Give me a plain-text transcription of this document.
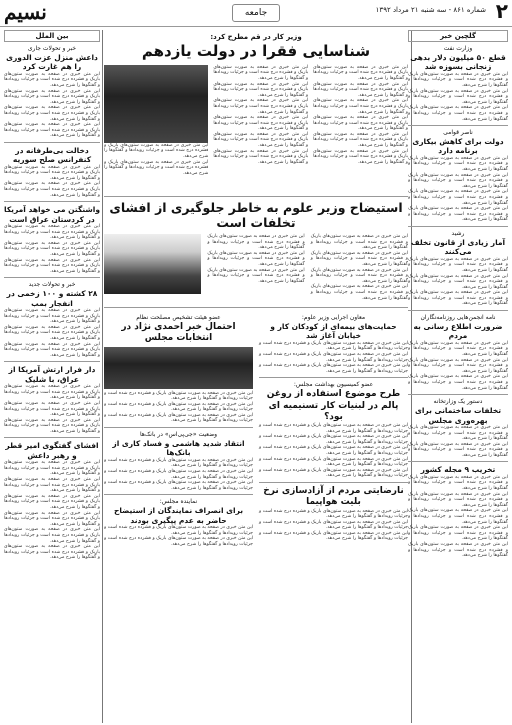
۲
شماره ۸۶۱ - سه شنبه ۲۱ مرداد ۱۳۹۲
جامعه
نسیم
گلچین خبر
وزارت نفت
قطع ۵۰ میلیون دلار بدهی زنجانی بسوزه شد
این متن خبری در صفحه به صورت ستون‌های باریک و فشرده درج شده است و جزئیات رویدادها و گفتگوها را شرح می‌دهد.
این متن خبری در صفحه به صورت ستون‌های باریک و فشرده درج شده است و جزئیات رویدادها و گفتگوها را شرح می‌دهد.
این متن خبری در صفحه به صورت ستون‌های باریک و فشرده درج شده است و جزئیات رویدادها و گفتگوها را شرح می‌دهد.
ناصر قوامی
دولت برای کاهش بیکاری برنامه دارد
این متن خبری در صفحه به صورت ستون‌های باریک و فشرده درج شده است و جزئیات رویدادها و گفتگوها را شرح می‌دهد.
این متن خبری در صفحه به صورت ستون‌های باریک و فشرده درج شده است و جزئیات رویدادها و گفتگوها را شرح می‌دهد.
این متن خبری در صفحه به صورت ستون‌های باریک و فشرده درج شده است و جزئیات رویدادها و گفتگوها را شرح می‌دهد.
این متن خبری در صفحه به صورت ستون‌های باریک و فشرده درج شده است و جزئیات رویدادها و گفتگوها را شرح می‌دهد.
رشید
آمار زیادی از قانون تخلف می‌کنند
این متن خبری در صفحه به صورت ستون‌های باریک و فشرده درج شده است و جزئیات رویدادها و گفتگوها را شرح می‌دهد.
این متن خبری در صفحه به صورت ستون‌های باریک و فشرده درج شده است و جزئیات رویدادها و گفتگوها را شرح می‌دهد.
این متن خبری در صفحه به صورت ستون‌های باریک و فشرده درج شده است و جزئیات رویدادها و گفتگوها را شرح می‌دهد.
نامه انجمن‌هایی روزنامه‌نگاران
ضرورت اطلاع رسانی به مردم
این متن خبری در صفحه به صورت ستون‌های باریک و فشرده درج شده است و جزئیات رویدادها و گفتگوها را شرح می‌دهد.
این متن خبری در صفحه به صورت ستون‌های باریک و فشرده درج شده است و جزئیات رویدادها و گفتگوها را شرح می‌دهد.
این متن خبری در صفحه به صورت ستون‌های باریک و فشرده درج شده است و جزئیات رویدادها و گفتگوها را شرح می‌دهد.
دستور یک وزارتخانه
تخلفات ساختمانی برای بهره‌وری مجلس
این متن خبری در صفحه به صورت ستون‌های باریک و فشرده درج شده است و جزئیات رویدادها و گفتگوها را شرح می‌دهد.
این متن خبری در صفحه به صورت ستون‌های باریک و فشرده درج شده است و جزئیات رویدادها و گفتگوها را شرح می‌دهد.
تخریب ۹ مجله کشور
این متن خبری در صفحه به صورت ستون‌های باریک و فشرده درج شده است و جزئیات رویدادها و گفتگوها را شرح می‌دهد.
این متن خبری در صفحه به صورت ستون‌های باریک و فشرده درج شده است و جزئیات رویدادها و گفتگوها را شرح می‌دهد.
این متن خبری در صفحه به صورت ستون‌های باریک و فشرده درج شده است و جزئیات رویدادها و گفتگوها را شرح می‌دهد.
این متن خبری در صفحه به صورت ستون‌های باریک و فشرده درج شده است و جزئیات رویدادها و گفتگوها را شرح می‌دهد.
این متن خبری در صفحه به صورت ستون‌های باریک و فشرده درج شده است و جزئیات رویدادها و گفتگوها را شرح می‌دهد.
وزیر کار در قم مطرح کرد:
شناسایی فقرا در دولت یازدهم
این متن خبری در صفحه به صورت ستون‌های باریک و فشرده درج شده است و جزئیات رویدادها و گفتگوها را شرح می‌دهد.
این متن خبری در صفحه به صورت ستون‌های باریک و فشرده درج شده است و جزئیات رویدادها و گفتگوها را شرح می‌دهد.
این متن خبری در صفحه به صورت ستون‌های باریک و فشرده درج شده است و جزئیات رویدادها و گفتگوها را شرح می‌دهد.
این متن خبری در صفحه به صورت ستون‌های باریک و فشرده درج شده است و جزئیات رویدادها و گفتگوها را شرح می‌دهد.
این متن خبری در صفحه به صورت ستون‌های باریک و فشرده درج شده است و جزئیات رویدادها و گفتگوها را شرح می‌دهد.
این متن خبری در صفحه به صورت ستون‌های باریک و فشرده درج شده است و جزئیات رویدادها و گفتگوها را شرح می‌دهد.
این متن خبری در صفحه به صورت ستون‌های باریک و فشرده درج شده است و جزئیات رویدادها و گفتگوها را شرح می‌دهد.
این متن خبری در صفحه به صورت ستون‌های باریک و فشرده درج شده است و جزئیات رویدادها و گفتگوها را شرح می‌دهد.
این متن خبری در صفحه به صورت ستون‌های باریک و فشرده درج شده است و جزئیات رویدادها و گفتگوها را شرح می‌دهد.
این متن خبری در صفحه به صورت ستون‌های باریک و فشرده درج شده است و جزئیات رویدادها و گفتگوها را شرح می‌دهد.
این متن خبری در صفحه به صورت ستون‌های باریک و فشرده درج شده است و جزئیات رویدادها و گفتگوها را شرح می‌دهد.
این متن خبری در صفحه به صورت ستون‌های باریک و فشرده درج شده است و جزئیات رویدادها و گفتگوها را شرح می‌دهد.
این متن خبری در صفحه به صورت ستون‌های باریک و فشرده درج شده است و جزئیات رویدادها و گفتگوها را شرح می‌دهد.
این متن خبری در صفحه به صورت ستون‌های باریک و فشرده درج شده است و جزئیات رویدادها و گفتگوها را شرح می‌دهد.
استیضاح وزیر علوم به خاطر جلوگیری از افشای تخلفات است
این متن خبری در صفحه به صورت ستون‌های باریک و فشرده درج شده است و جزئیات رویدادها و گفتگوها را شرح می‌دهد.
این متن خبری در صفحه به صورت ستون‌های باریک و فشرده درج شده است و جزئیات رویدادها و گفتگوها را شرح می‌دهد.
این متن خبری در صفحه به صورت ستون‌های باریک و فشرده درج شده است و جزئیات رویدادها و گفتگوها را شرح می‌دهد.
این متن خبری در صفحه به صورت ستون‌های باریک و فشرده درج شده است و جزئیات رویدادها و گفتگوها را شرح می‌دهد.
این متن خبری در صفحه به صورت ستون‌های باریک و فشرده درج شده است و جزئیات رویدادها و گفتگوها را شرح می‌دهد.
این متن خبری در صفحه به صورت ستون‌های باریک و فشرده درج شده است و جزئیات رویدادها و گفتگوها را شرح می‌دهد.
این متن خبری در صفحه به صورت ستون‌های باریک و فشرده درج شده است و جزئیات رویدادها و گفتگوها را شرح می‌دهد.
معاون اجرایی وزیر علوم:
حمایت‌های بیمه‌ای از کودکان کار و خیابان آغاز شد
این متن خبری در صفحه به صورت ستون‌های باریک و فشرده درج شده است و جزئیات رویدادها و گفتگوها را شرح می‌دهد.
این متن خبری در صفحه به صورت ستون‌های باریک و فشرده درج شده است و جزئیات رویدادها و گفتگوها را شرح می‌دهد.
این متن خبری در صفحه به صورت ستون‌های باریک و فشرده درج شده است و جزئیات رویدادها و گفتگوها را شرح می‌دهد.
عضو کمیسیون بهداشت مجلس:
طرح موضوع استفاده از روغن پالم در لبنیات کار تسنیمیه ای بود؟
این متن خبری در صفحه به صورت ستون‌های باریک و فشرده درج شده است و جزئیات رویدادها و گفتگوها را شرح می‌دهد.
این متن خبری در صفحه به صورت ستون‌های باریک و فشرده درج شده است و جزئیات رویدادها و گفتگوها را شرح می‌دهد.
این متن خبری در صفحه به صورت ستون‌های باریک و فشرده درج شده است و جزئیات رویدادها و گفتگوها را شرح می‌دهد.
این متن خبری در صفحه به صورت ستون‌های باریک و فشرده درج شده است و جزئیات رویدادها و گفتگوها را شرح می‌دهد.
این متن خبری در صفحه به صورت ستون‌های باریک و فشرده درج شده است و جزئیات رویدادها و گفتگوها را شرح می‌دهد.
نارضایتی مردم از آزادسازی نرخ بلیت هواپیما
این متن خبری در صفحه به صورت ستون‌های باریک و فشرده درج شده است و جزئیات رویدادها و گفتگوها را شرح می‌دهد.
این متن خبری در صفحه به صورت ستون‌های باریک و فشرده درج شده است و جزئیات رویدادها و گفتگوها را شرح می‌دهد.
این متن خبری در صفحه به صورت ستون‌های باریک و فشرده درج شده است و جزئیات رویدادها و گفتگوها را شرح می‌دهد.
عضو هیئت تشخیص مصلحت نظام
احتمال خبر احمدی نژاد در انتخابات مجلس
این متن خبری در صفحه به صورت ستون‌های باریک و فشرده درج شده است و جزئیات رویدادها و گفتگوها را شرح می‌دهد.
این متن خبری در صفحه به صورت ستون‌های باریک و فشرده درج شده است و جزئیات رویدادها و گفتگوها را شرح می‌دهد.
این متن خبری در صفحه به صورت ستون‌های باریک و فشرده درج شده است و جزئیات رویدادها و گفتگوها را شرح می‌دهد.
وضعیت «جی‌پی‌اس» در بانک‌ها
انتقاد شدید هاشمی و فساد کاری از بانک‌ها
این متن خبری در صفحه به صورت ستون‌های باریک و فشرده درج شده است و جزئیات رویدادها و گفتگوها را شرح می‌دهد.
این متن خبری در صفحه به صورت ستون‌های باریک و فشرده درج شده است و جزئیات رویدادها و گفتگوها را شرح می‌دهد.
این متن خبری در صفحه به صورت ستون‌های باریک و فشرده درج شده است و جزئیات رویدادها و گفتگوها را شرح می‌دهد.
نماینده مجلس:
برای انصراف نمایندگان از استیضاح حاضر به عدم پیگیری بودند
این متن خبری در صفحه به صورت ستون‌های باریک و فشرده درج شده است و جزئیات رویدادها و گفتگوها را شرح می‌دهد.
این متن خبری در صفحه به صورت ستون‌های باریک و فشرده درج شده است و جزئیات رویدادها و گفتگوها را شرح می‌دهد.
بین الملل
خبر و تحولات جاری
داعش منزل عزت الدوری را هم غارت کرد
این متن خبری در صفحه به صورت ستون‌های باریک و فشرده درج شده است و جزئیات رویدادها و گفتگوها را شرح می‌دهد.
این متن خبری در صفحه به صورت ستون‌های باریک و فشرده درج شده است و جزئیات رویدادها و گفتگوها را شرح می‌دهد.
این متن خبری در صفحه به صورت ستون‌های باریک و فشرده درج شده است و جزئیات رویدادها و گفتگوها را شرح می‌دهد.
این متن خبری در صفحه به صورت ستون‌های باریک و فشرده درج شده است و جزئیات رویدادها و گفتگوها را شرح می‌دهد.
دخالت بی‌طرفانه در کنفرانس صلح سوریه
این متن خبری در صفحه به صورت ستون‌های باریک و فشرده درج شده است و جزئیات رویدادها و گفتگوها را شرح می‌دهد.
این متن خبری در صفحه به صورت ستون‌های باریک و فشرده درج شده است و جزئیات رویدادها و گفتگوها را شرح می‌دهد.
واشنگتن می خواهد آمریکا در کردستان عراق است
این متن خبری در صفحه به صورت ستون‌های باریک و فشرده درج شده است و جزئیات رویدادها و گفتگوها را شرح می‌دهد.
این متن خبری در صفحه به صورت ستون‌های باریک و فشرده درج شده است و جزئیات رویدادها و گفتگوها را شرح می‌دهد.
این متن خبری در صفحه به صورت ستون‌های باریک و فشرده درج شده است و جزئیات رویدادها و گفتگوها را شرح می‌دهد.
خبر و تحولات جدید
۲۸ کشته و ۱۰۰ زخمی در انفجار بمب
این متن خبری در صفحه به صورت ستون‌های باریک و فشرده درج شده است و جزئیات رویدادها و گفتگوها را شرح می‌دهد.
این متن خبری در صفحه به صورت ستون‌های باریک و فشرده درج شده است و جزئیات رویدادها و گفتگوها را شرح می‌دهد.
این متن خبری در صفحه به صورت ستون‌های باریک و فشرده درج شده است و جزئیات رویدادها و گفتگوها را شرح می‌دهد.
دار فرار ارتش آمریکا از عراق، با شلیک
این متن خبری در صفحه به صورت ستون‌های باریک و فشرده درج شده است و جزئیات رویدادها و گفتگوها را شرح می‌دهد.
این متن خبری در صفحه به صورت ستون‌های باریک و فشرده درج شده است و جزئیات رویدادها و گفتگوها را شرح می‌دهد.
این متن خبری در صفحه به صورت ستون‌های باریک و فشرده درج شده است و جزئیات رویدادها و گفتگوها را شرح می‌دهد.
افشای گفتگوی امیر قطر و رهبر داعش
این متن خبری در صفحه به صورت ستون‌های باریک و فشرده درج شده است و جزئیات رویدادها و گفتگوها را شرح می‌دهد.
این متن خبری در صفحه به صورت ستون‌های باریک و فشرده درج شده است و جزئیات رویدادها و گفتگوها را شرح می‌دهد.
این متن خبری در صفحه به صورت ستون‌های باریک و فشرده درج شده است و جزئیات رویدادها و گفتگوها را شرح می‌دهد.
این متن خبری در صفحه به صورت ستون‌های باریک و فشرده درج شده است و جزئیات رویدادها و گفتگوها را شرح می‌دهد.
این متن خبری در صفحه به صورت ستون‌های باریک و فشرده درج شده است و جزئیات رویدادها و گفتگوها را شرح می‌دهد.
این متن خبری در صفحه به صورت ستون‌های باریک و فشرده درج شده است و جزئیات رویدادها و گفتگوها را شرح می‌دهد.
